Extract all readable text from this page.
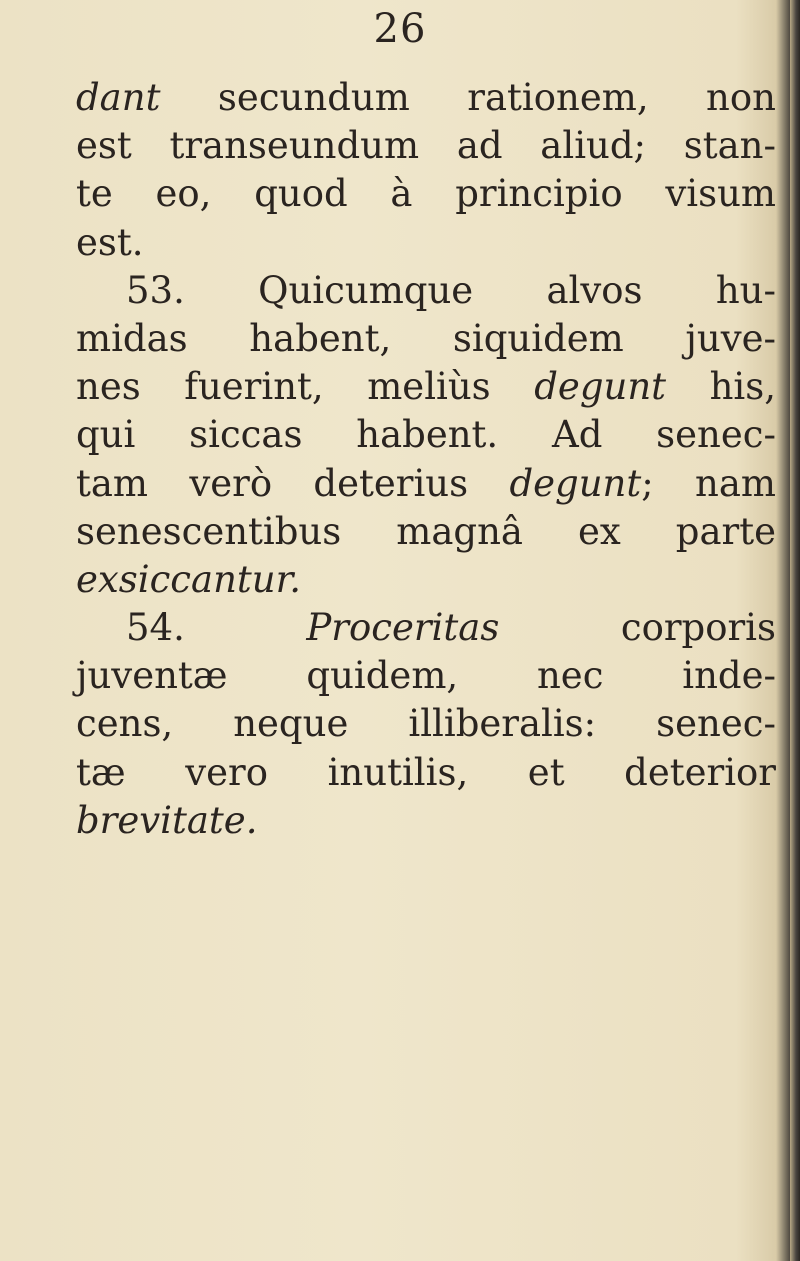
26
dant secundum rationem, non
est transeundum ad aliud; stan-
te eo, quod à principio visum
est.
53. Quicumque alvos hu-
midas habent, siquidem juve-
nes fuerint, meliùs degunt his,
qui siccas habent. Ad senec-
tam verò deterius degunt; nam
senescentibus magnâ ex parte
exsiccantur.
54. Proceritas corporis
juventæ quidem, nec inde-
cens, neque illiberalis: senec-
tæ vero inutilis, et deterior
brevitate.
